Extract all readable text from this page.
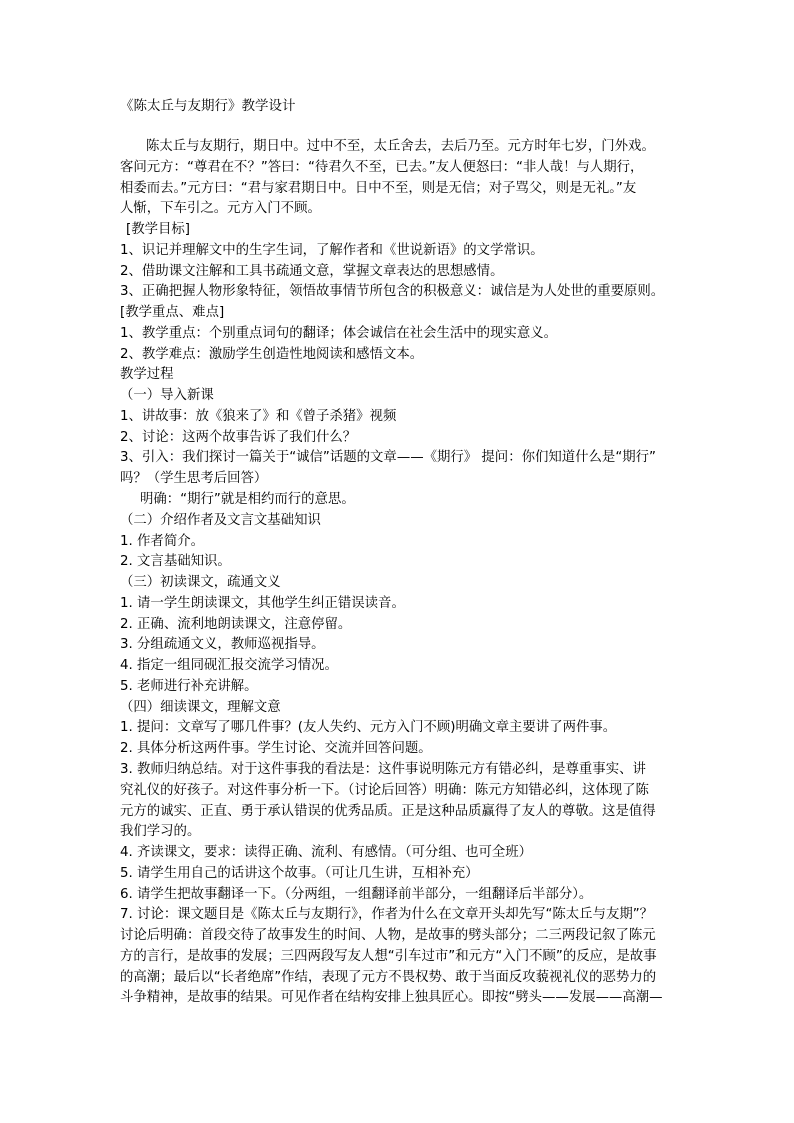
《陈太丘与友期行》教学设计
陈太丘与友期行，期日中。过中不至，太丘舍去，去后乃至。元方时年七岁，门外戏。
客问元方：“尊君在不？”答曰：“待君久不至，已去。”友人便怒曰：“非人哉！与人期行，
相委而去。”元方曰：“君与家君期日中。日中不至，则是无信；对子骂父，则是无礼。”友
人惭，下车引之。元方入门不顾。
[教学目标]
1、识记并理解文中的生字生词，了解作者和《世说新语》的文学常识。
2、借助课文注解和工具书疏通文意，掌握文章表达的思想感情。
3、正确把握人物形象特征，领悟故事情节所包含的积极意义：诚信是为人处世的重要原则。
[教学重点、难点]
1、教学重点：个别重点词句的翻译；体会诚信在社会生活中的现实意义。
2、教学难点：激励学生创造性地阅读和感悟文本。
教学过程
（一）导入新课
1、讲故事：放《狼来了》和《曾子杀猪》视频
2、讨论：这两个故事告诉了我们什么？
3、引入：我们探讨一篇关于“诚信”话题的文章——《期行》 提问：你们知道什么是“期行”
吗？（学生思考后回答）
明确：“期行”就是相约而行的意思。
（二）介绍作者及文言文基础知识
1. 作者简介。
2. 文言基础知识。
（三）初读课文，疏通文义
1. 请一学生朗读课文，其他学生纠正错误读音。
2. 正确、流利地朗读课文，注意停留。
3. 分组疏通文义，教师巡视指导。
4. 指定一组同砚汇报交流学习情况。
5. 老师进行补充讲解。
（四）细读课文，理解文意
1. 提问：文章写了哪几件事？(友人失约、元方入门不顾)明确文章主要讲了两件事。
2. 具体分析这两件事。学生讨论、交流并回答问题。
3. 教师归纳总结。对于这件事我的看法是：这件事说明陈元方有错必纠，是尊重事实、讲
究礼仪的好孩子。对这件事分析一下。（讨论后回答）明确：陈元方知错必纠，这体现了陈
元方的诚实、正直、勇于承认错误的优秀品质。正是这种品质赢得了友人的尊敬。这是值得
我们学习的。
4. 齐读课文，要求：读得正确、流利、有感情。（可分组、也可全班）
5. 请学生用自己的话讲这个故事。（可让几生讲，互相补充）
6. 请学生把故事翻译一下。（分两组，一组翻译前半部分，一组翻译后半部分）。
7. 讨论：课文题目是《陈太丘与友期行》，作者为什么在文章开头却先写“陈太丘与友期”？
讨论后明确：首段交待了故事发生的时间、人物，是故事的劈头部分；二三两段记叙了陈元
方的言行，是故事的发展；三四两段写友人想“引车过市”和元方“入门不顾”的反应，是故事
的高潮；最后以“长者绝席”作结，表现了元方不畏权势、敢于当面反攻藐视礼仪的恶势力的
斗争精神，是故事的结果。可见作者在结构安排上独具匠心。即按“劈头——发展——高潮—
